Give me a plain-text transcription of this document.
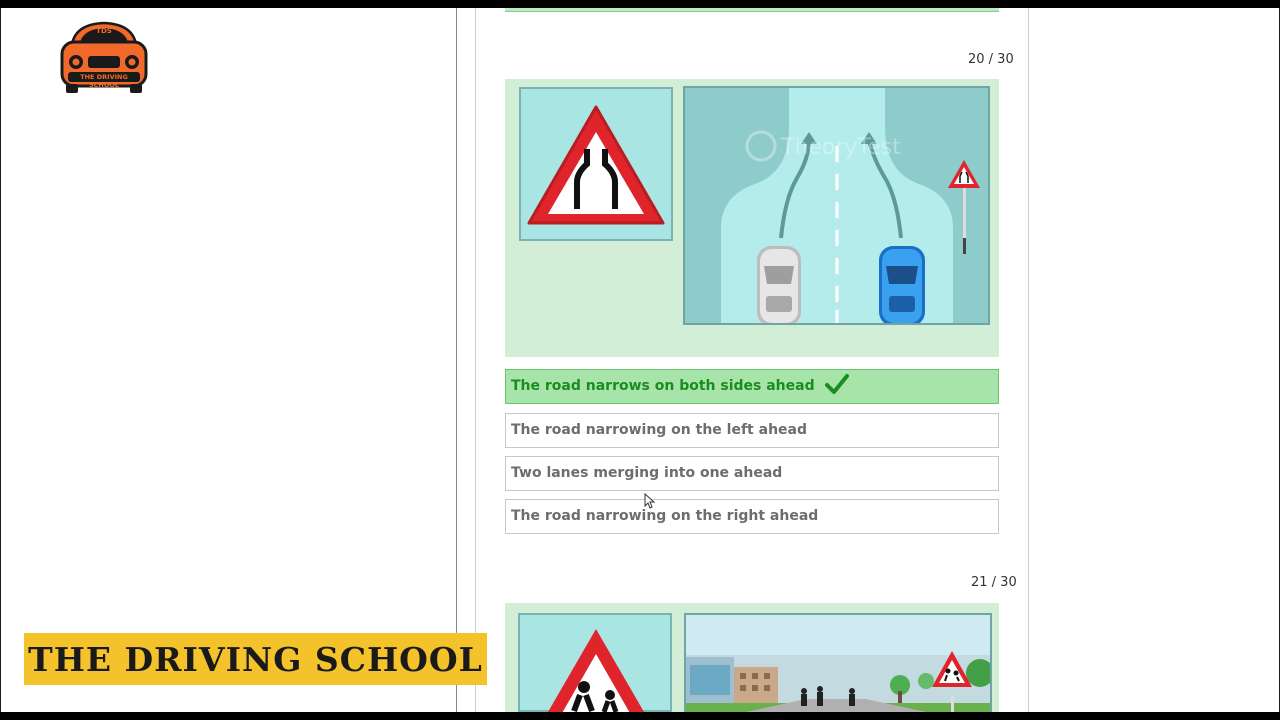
TDS
THE DRIVING SCHOOL
20 / 30
TheoryTest
The road narrows on both sides ahead
The road narrowing on the left ahead
Two lanes merging into one ahead
The road narrowing on the right ahead
21 / 30
THE DRIVING SCHOOL
